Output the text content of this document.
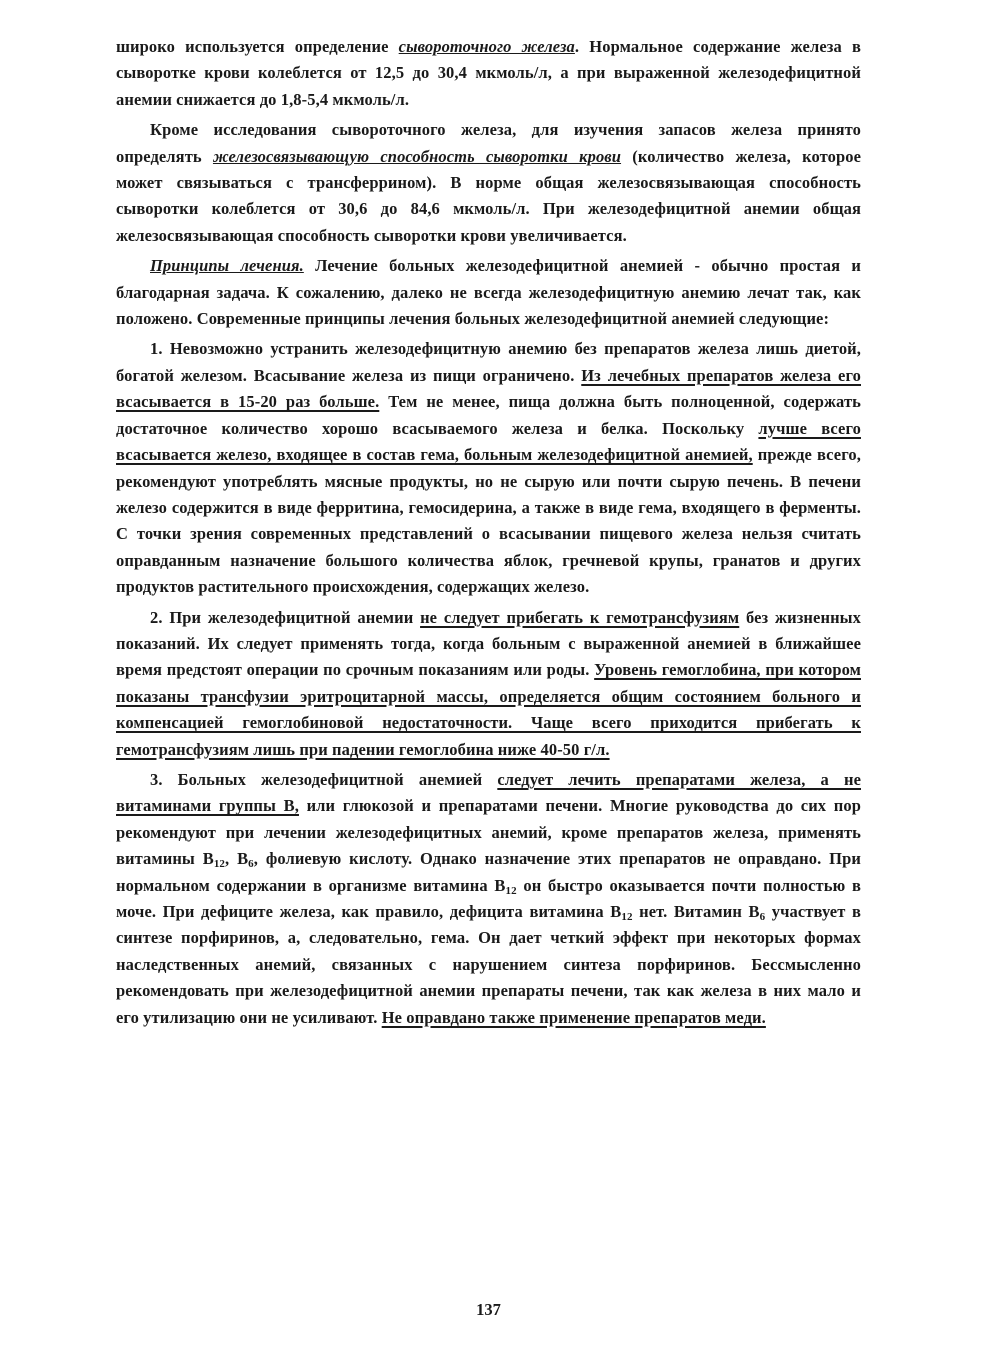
широко используется определение сывороточного железа. Нормальное содержание железа в сыворотке крови колеблется от 12,5 до 30,4 мкмоль/л, а при выраженной железодефицитной анемии снижается до 1,8-5,4 мкмоль/л.

Кроме исследования сывороточного железа, для изучения запасов железа принято определять железосвязывающую способность сыворотки крови (количество железа, которое может связываться с трансферрином). В норме общая железосвязывающая способность сыворотки колеблется от 30,6 до 84,6 мкмоль/л. При железодефицитной анемии общая железосвязывающая способность сыворотки крови увеличивается.

Принципы лечения. Лечение больных железодефицитной анемией - обычно простая и благодарная задача. К сожалению, далеко не всегда железодефицитную анемию лечат так, как положено. Современные принципы лечения больных железодефицитной анемией следующие:

1. Невозможно устранить железодефицитную анемию без препаратов железа лишь диетой, богатой железом. Всасывание железа из пищи ограничено. Из лечебных препаратов железа его всасывается в 15-20 раз больше. Тем не менее, пища должна быть полноценной, содержать достаточное количество хорошо всасываемого железа и белка. Поскольку лучше всего всасывается железо, входящее в состав гема, больным железодефицитной анемией, прежде всего, рекомендуют употреблять мясные продукты, но не сырую или почти сырую печень. В печени железо содержится в виде ферритина, гемосидерина, а также в виде гема, входящего в ферменты. С точки зрения современных представлений о всасывании пищевого железа нельзя считать оправданным назначение большого количества яблок, гречневой крупы, гранатов и других продуктов растительного происхождения, содержащих железо.

2. При железодефицитной анемии не следует прибегать к гемотрансфузиям без жизненных показаний. Их следует применять тогда, когда больным с выраженной анемией в ближайшее время предстоят операции по срочным показаниям или роды. Уровень гемоглобина, при котором показаны трансфузии эритроцитарной массы, определяется общим состоянием больного и компенсацией гемоглобиновой недостаточности. Чаще всего приходится прибегать к гемотрансфузиям лишь при падении гемоглобина ниже 40-50 г/л.

3. Больных железодефицитной анемией следует лечить препаратами железа, а не витаминами группы B, или глюкозой и препаратами печени. Многие руководства до сих пор рекомендуют при лечении железодефицитных анемий, кроме препаратов железа, применять витамины $B_{12}$, $B_6$, фолиевую кислоту. Однако назначение этих препаратов не оправдано. При нормальном содержании в организме витамина $B_{12}$ он быстро оказывается почти полностью в моче. При дефиците железа, как правило, дефицита витамина $B_{12}$ нет. Витамин $B_6$ участвует в синтезе порфиринов, а, следовательно, гема. Он дает четкий эффект при некоторых формах наследственных анемий, связанных с нарушением синтеза порфиринов. Бессмысленно рекомендовать при железодефицитной анемии препараты печени, так как железа в них мало и его утилизацию они не усиливают. Не оправдано также применение препаратов меди.

137
